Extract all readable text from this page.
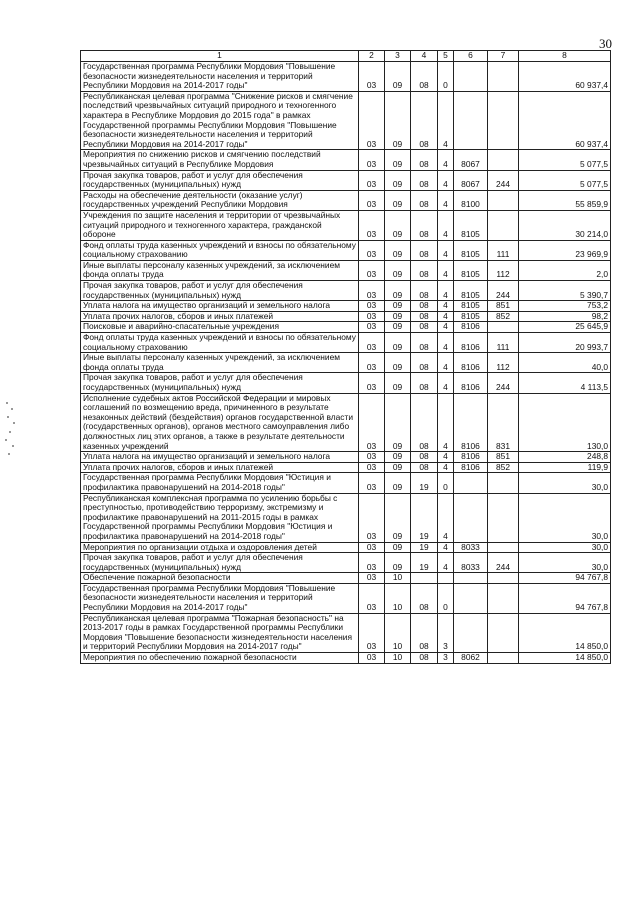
30
1	2	3	4	5	6	7	8
Государственная программа Республики Мордовия "Повышение безопасности жизнедеятельности населения и территорий Республики Мордовия на 2014-2017 годы"	03	09	08	0			60 937,4
Республиканская целевая программа "Снижение рисков и смягчение последствий чрезвычайных ситуаций природного и техногенного характера в Республике Мордовия до 2015 года" в рамках Государственной программы Республики Мордовия "Повышение безопасности жизнедеятельности населения и территорий Республики Мордовия на 2014-2017 годы"	03	09	08	4			60 937,4
Мероприятия по снижению рисков и смягчению последствий чрезвычайных ситуаций в Республике Мордовия	03	09	08	4	8067		5 077,5
Прочая закупка товаров, работ и услуг для обеспечения государственных (муниципальных) нужд	03	09	08	4	8067	244	5 077,5
Расходы на обеспечение деятельности (оказание услуг) государственных учреждений Республики Мордовия	03	09	08	4	8100		55 859,9
Учреждения по защите населения и территории от чрезвычайных ситуаций природного и техногенного характера, гражданской обороне	03	09	08	4	8105		30 214,0
Фонд оплаты труда казенных учреждений и взносы по обязательному социальному страхованию	03	09	08	4	8105	111	23 969,9
Иные выплаты персоналу казенных учреждений, за исключением фонда оплаты труда	03	09	08	4	8105	112	2,0
Прочая закупка товаров, работ и услуг для обеспечения государственных (муниципальных) нужд	03	09	08	4	8105	244	5 390,7
Уплата налога на имущество организаций и земельного налога	03	09	08	4	8105	851	753,2
Уплата прочих налогов, сборов и иных платежей	03	09	08	4	8105	852	98,2
Поисковые и аварийно-спасательные учреждения	03	09	08	4	8106		25 645,9
Фонд оплаты труда казенных учреждений и взносы по обязательному социальному страхованию	03	09	08	4	8106	111	20 993,7
Иные выплаты персоналу казенных учреждений, за исключением фонда оплаты труда	03	09	08	4	8106	112	40,0
Прочая закупка товаров, работ и услуг для обеспечения государственных (муниципальных) нужд	03	09	08	4	8106	244	4 113,5
Исполнение судебных актов Российской Федерации и мировых соглашений по возмещению вреда, причиненного в результате незаконных действий (бездействия) органов государственной власти (государственных органов), органов местного самоуправления либо должностных лиц этих органов, а также в результате деятельности казенных учреждений	03	09	08	4	8106	831	130,0
Уплата налога на имущество организаций и земельного налога	03	09	08	4	8106	851	248,8
Уплата прочих налогов, сборов и иных платежей	03	09	08	4	8106	852	119,9
Государственная программа Республики Мордовия "Юстиция и профилактика правонарушений на 2014-2018 годы"	03	09	19	0			30,0
Республиканская комплексная программа по усилению борьбы с преступностью, противодействию терроризму, экстремизму и профилактике правонарушений на 2011-2015 годы в рамках Государственной программы Республики Мордовия "Юстиция и профилактика правонарушений на 2014-2018 годы"	03	09	19	4			30,0
Мероприятия по организации отдыха и оздоровления детей	03	09	19	4	8033		30,0
Прочая закупка товаров, работ и услуг для обеспечения государственных (муниципальных) нужд	03	09	19	4	8033	244	30,0
Обеспечение пожарной безопасности	03	10					94 767,8
Государственная программа Республики Мордовия "Повышение безопасности жизнедеятельности населения и территорий Республики Мордовия на 2014-2017 годы"	03	10	08	0			94 767,8
Республиканская целевая программа "Пожарная безопасность" на 2013-2017 годы в рамках Государственной программы Республики Мордовия "Повышение безопасности жизнедеятельности населения и территорий Республики Мордовия на 2014-2017 годы"	03	10	08	3			14 850,0
Мероприятия по обеспечению пожарной безопасности	03	10	08	3	8062		14 850,0
